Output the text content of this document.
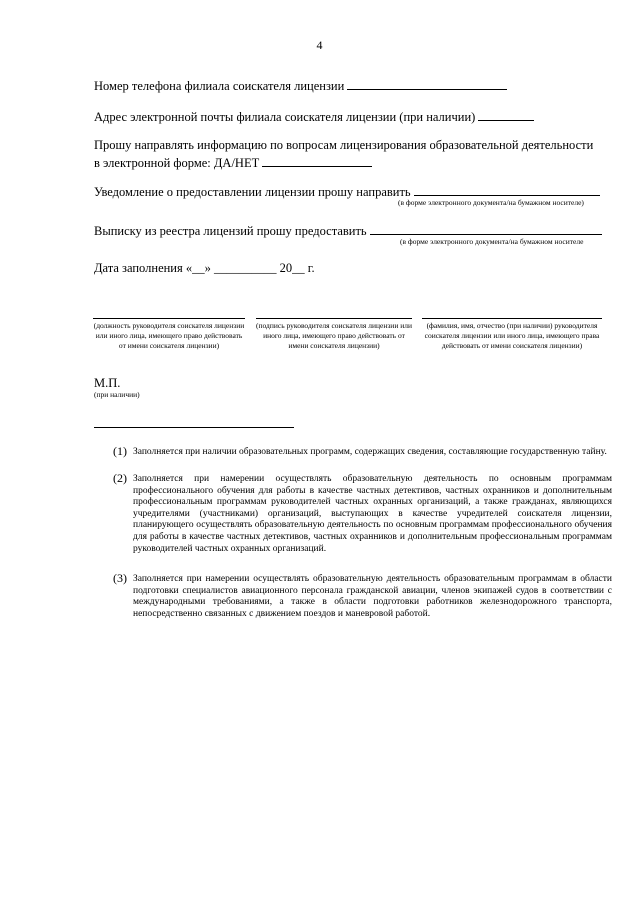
4
Номер телефона филиала соискателя лицензии
Адрес электронной почты филиала соискателя лицензии (при наличии)
Прошу направлять информацию по вопросам лицензирования образовательной деятельности
в электронной форме: ДА/НЕТ
Уведомление о предоставлении лицензии прошу направить
(в форме электронного документа/на бумажном носителе)
Выписку из реестра лицензий прошу предоставить
(в форме электронного документа/на бумажном носителе
Дата заполнения «__» __________ 20__ г.
(должность руководителя соискателя лицензии или иного лица, имеющего право действовать от имени соискателя лицензии)
(подпись руководителя соискателя лицензии или иного лица, имеющего право действовать от имени соискателя лицензии)
(фамилия, имя, отчество (при наличии) руководителя соискателя лицензии или иного лица, имеющего права действовать от имени соискателя лицензии)
М.П.
(при наличии)
(1) Заполняется при наличии образовательных программ, содержащих сведения, составляющие государственную тайну.
(2) Заполняется при намерении осуществлять образовательную деятельность по основным программам профессионального обучения для работы в качестве частных детективов, частных охранников и дополнительным профессиональным программам руководителей частных охранных организаций, а также гражданах, являющихся учредителями (участниками) организаций, выступающих в качестве учредителей соискателя лицензии, планирующего осуществлять образовательную деятельность по основным программам профессионального обучения для работы в качестве частных детективов, частных охранников и дополнительным профессиональным программам руководителей частных охранных организаций.
(3) Заполняется при намерении осуществлять образовательную деятельность образовательным программам в области подготовки специалистов авиационного персонала гражданской авиации, членов экипажей судов в соответствии с международными требованиями, а также в области подготовки работников железнодорожного транспорта, непосредственно связанных с движением поездов и маневровой работой.
